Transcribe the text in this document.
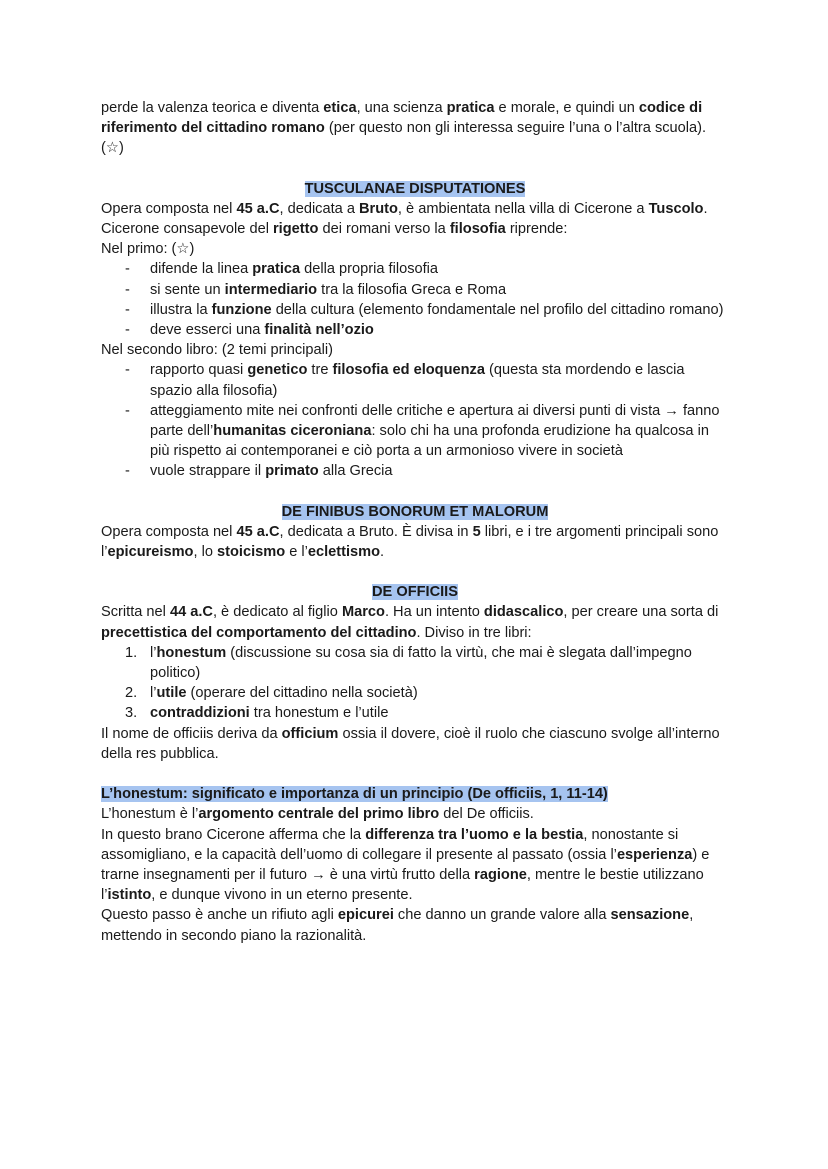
perde la valenza teorica e diventa etica, una scienza pratica e morale, e quindi un codice di riferimento del cittadino romano (per questo non gli interessa seguire l’una o l’altra scuola). (☆)

TUSCULANAE DISPUTATIONES

Opera composta nel 45 a.C, dedicata a Bruto, è ambientata nella villa di Cicerone a Tuscolo.

Cicerone consapevole del rigetto dei romani verso la filosofia riprende:

Nel primo: (☆)

- difende la linea pratica della propria filosofia
- si sente un intermediario tra la filosofia Greca e Roma
- illustra la funzione della cultura (elemento fondamentale nel profilo del cittadino romano)
- deve esserci una finalità nell’ozio

Nel secondo libro: (2 temi principali)

- rapporto quasi genetico tre filosofia ed eloquenza (questa sta mordendo e lascia spazio alla filosofia)
- atteggiamento mite nei confronti delle critiche e apertura ai diversi punti di vista → fanno parte dell’humanitas ciceroniana: solo chi ha una profonda erudizione ha qualcosa in più rispetto ai contemporanei e ciò porta a un armonioso vivere in società
- vuole strappare il primato alla Grecia

DE FINIBUS BONORUM ET MALORUM

Opera composta nel 45 a.C, dedicata a Bruto. È divisa in 5 libri, e i tre argomenti principali sono l’epicureismo, lo stoicismo e l’eclettismo.

DE OFFICIIS

Scritta nel 44 a.C, è dedicato al figlio Marco. Ha un intento didascalico, per creare una sorta di precettistica del comportamento del cittadino. Diviso in tre libri:

1. l’honestum (discussione su cosa sia di fatto la virtù, che mai è slegata dall’impegno politico)
2. l’utile (operare del cittadino nella società)
3. contraddizioni tra honestum e l’utile

Il nome de officiis deriva da officium ossia il dovere, cioè il ruolo che ciascuno svolge all’interno della res pubblica.

L’honestum: significato e importanza di un principio (De officiis, 1, 11-14)

L’honestum è l’argomento centrale del primo libro del De officiis.

In questo brano Cicerone afferma che la differenza tra l’uomo e la bestia, nonostante si assomigliano, e la capacità dell’uomo di collegare il presente al passato (ossia l’esperienza) e trarne insegnamenti per il futuro → è una virtù frutto della ragione, mentre le bestie utilizzano l’istinto, e dunque vivono in un eterno presente.

Questo passo è anche un rifiuto agli epicurei che danno un grande valore alla sensazione, mettendo in secondo piano la razionalità.
